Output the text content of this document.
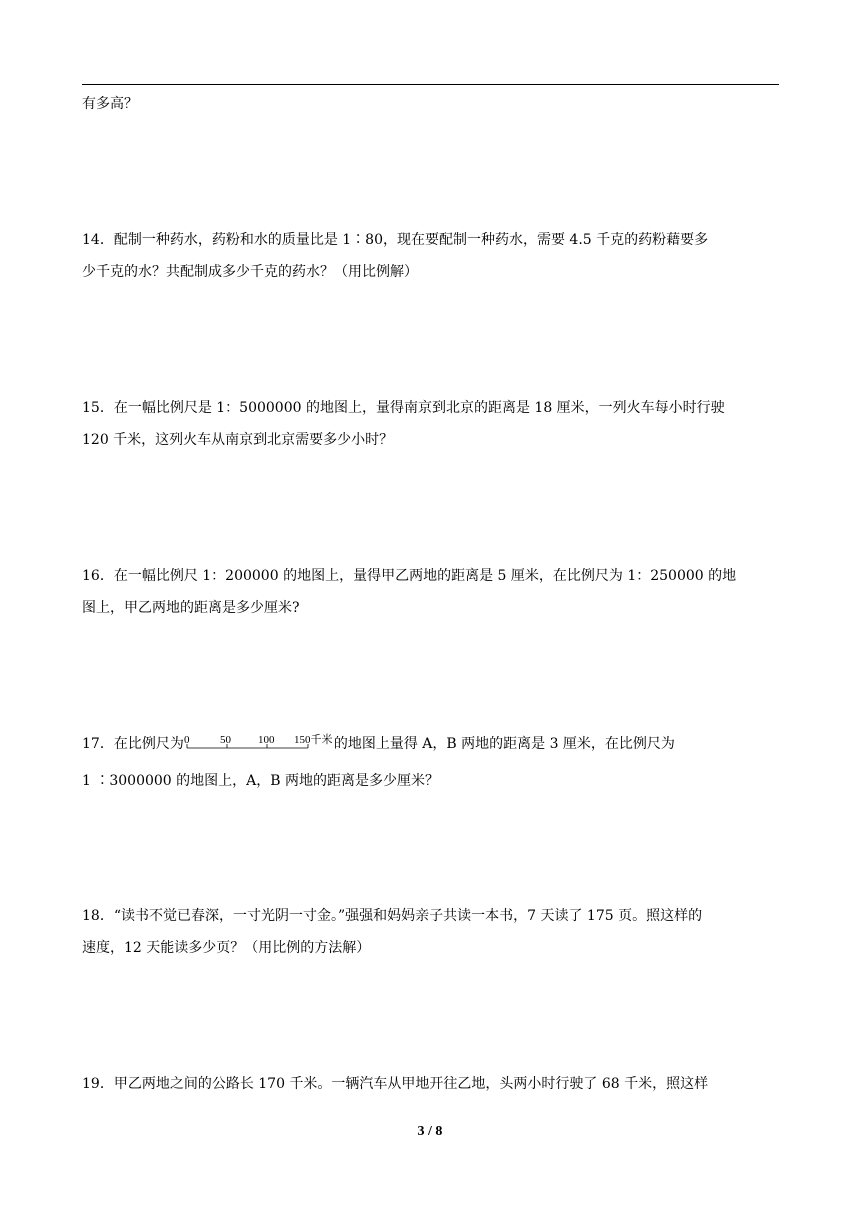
有多高？
14．配制一种药水，药粉和水的质量比是 1∶80，现在要配制一种药水，需要 4.5 千克的药粉藉要多
少千克的水？共配制成多少千克的药水？（用比例解）
15．在一幅比例尺是 1：5000000 的地图上，量得南京到北京的距离是 18 厘米，一列火车每小时行驶
120 千米，这列火车从南京到北京需要多少小时？
16．在一幅比例尺 1：200000 的地图上，量得甲乙两地的距离是 5 厘米，在比例尺为 1：250000 的地
图上，甲乙两地的距离是多少厘米?
17．在比例尺为 0	50 100 150千米 的地图上量得 A，B 两地的距离是 3 厘米，在比例尺为
1 ∶3000000 的地图上，A，B 两地的距离是多少厘米？
18．“读书不觉已春深，一寸光阴一寸金。”强强和妈妈亲子共读一本书，7 天读了 175 页。照这样的
速度，12 天能读多少页？（用比例的方法解）
19．甲乙两地之间的公路长 170 千米。一辆汽车从甲地开往乙地，头两小时行驶了 68 千米，照这样
3 / 8
